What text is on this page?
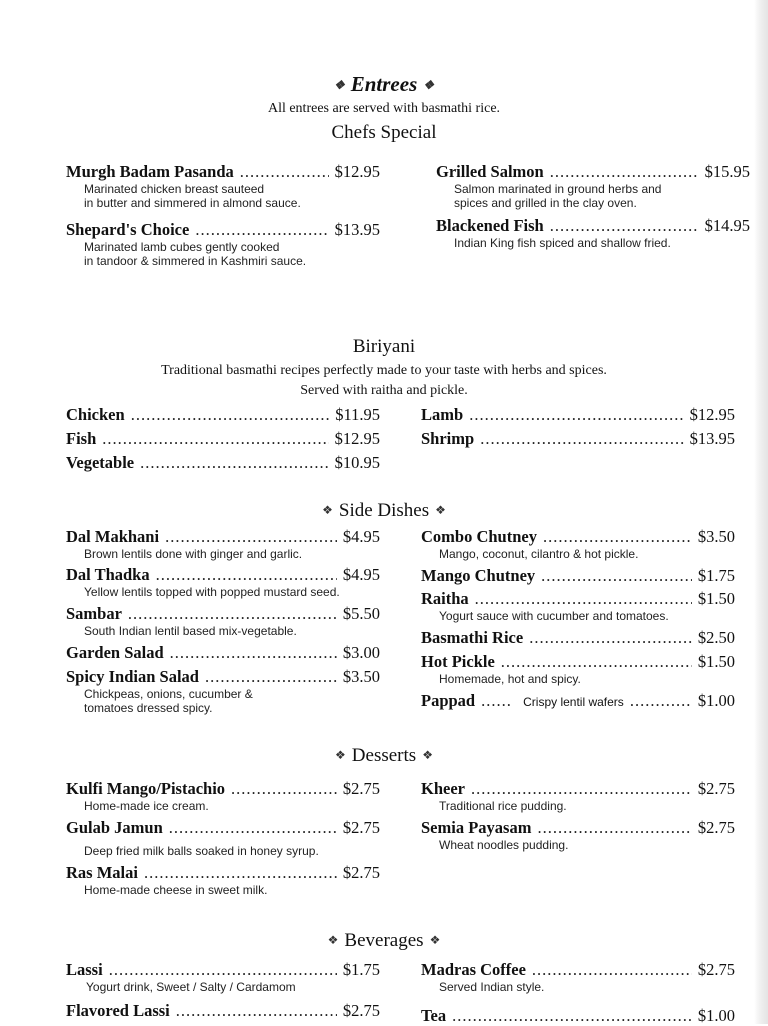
❖ Entrees ❖
All entrees are served with basmathi rice.
Chefs Special
Murgh Badam Pasanda .....	$12.95
Marinated chicken breast sauteed
in butter and simmered in almond sauce.
Shepard's Choice .....	$13.95
Marinated lamb cubes gently cooked
in tandoor & simmered in Kashmiri sauce.
Grilled Salmon .....	$15.95
Salmon marinated in ground herbs and
spices and grilled in the clay oven.
Blackened Fish .....	$14.95
Indian King fish spiced and shallow fried.
Biriyani
Traditional basmathi recipes perfectly made to your taste with herbs and spices.
Served with raitha and pickle.
Chicken .....	$11.95
Fish .....	$12.95
Vegetable .....	$10.95
Lamb .....	$12.95
Shrimp .....	$13.95
❖ Side Dishes ❖
Dal Makhani .....	$4.95
Brown lentils done with ginger and garlic.
Dal Thadka .....	$4.95
Yellow lentils topped with popped mustard seed.
Sambar .....	$5.50
South Indian lentil based mix-vegetable.
Garden Salad .....	$3.00
Spicy Indian Salad .....	$3.50
Chickpeas, onions, cucumber &
tomatoes dressed spicy.
Combo Chutney .....	$3.50
Mango, coconut, cilantro & hot pickle.
Mango Chutney .....	$1.75
Raitha .....	$1.50
Yogurt sauce with cucumber and tomatoes.
Basmathi Rice .....	$2.50
Hot Pickle .....	$1.50
Homemade, hot and spicy.
Pappad .....	Crispy lentil wafers .....	$1.00
❖ Desserts ❖
Kulfi Mango/Pistachio .....	$2.75
Home-made ice cream.
Gulab Jamun .....	$2.75
Deep fried milk balls soaked in honey syrup.
Ras Malai .....	$2.75
Home-made cheese in sweet milk.
Kheer .....	$2.75
Traditional rice pudding.
Semia Payasam .....	$2.75
Wheat noodles pudding.
❖ Beverages ❖
Lassi .....	$1.75
Yogurt drink, Sweet / Salty / Cardamom
Flavored Lassi .....	$2.75
Madras Coffee .....	$2.75
Served Indian style.
Tea .....	$1.00
